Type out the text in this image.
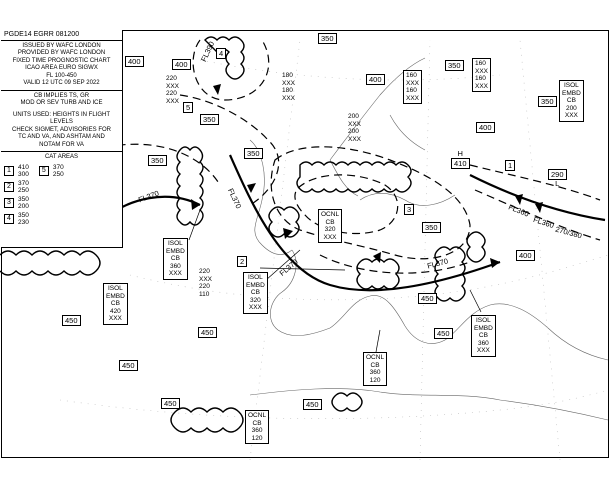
PGDE14 EGRR 081200
ISSUED BY WAFC LONDON
PROVIDED BY WAFC LONDON
FIXED TIME PROGNOSTIC CHART
ICAO AREA EURO SIGWX
FL 100-450
VALID 12 UTC 09 SEP 2022
CB IMPLIES TS, GR
MOD OR SEV TURB AND ICE
UNITS USED: HEIGHTS IN FLIGHT LEVELS
CHECK SIGMET, ADVISORIES FOR
TC AND VA, AND ASHTAM AND
NOTAM FOR VA
CAT AREAS
1	410
300
2	370
250
3	350
200
4	350
230
5	370
250
350
400	400
400
350
350
350
350
350
400
400
450
450
450
450
450
450	450
350
H
410
290
L
ISOL
EMBD
CB
360
XXX
ISOL
EMBD
CB
420
XXX
OCNL
CB
320
XXX
ISOL
EMBD
CB
320
XXX
ISOL
EMBD
CB
360
XXX
OCNL
CB
360
120
OCNL
CB
360
120
ISOL
EMBD
CB
200
XXX
220
XXX
220
XXX
180
XXX
180
XXX
160
XXX
160
XXX
160
XXX
160
XXX
200
XXX
200
XXX
220
XXX
220
110
FL370	FL370
FL370	FL370
FL360
FL360
270/380
FL390
1
2
3
4
5
